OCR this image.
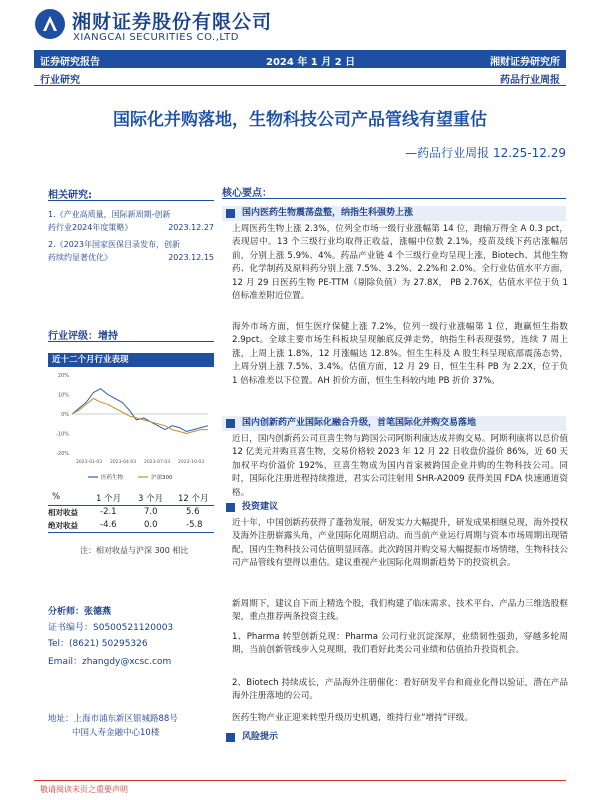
湘财证券股份有限公司
XIANGCAI SECURITIES CO.,LTD
证券研究报告	2024 年 1 月 2 日	湘财证券研究所
行业研究	药品行业周报
国际化并购落地，生物科技公司产品管线有望重估
—药品行业周报 12.25-12.29
相关研究:
1.《产业高质量，国际新周期-创新
药行业2024年度策略》	2023.12.27
2.《2023年国家医保目录发布，创新
药续约显著优化》	2023.12.15
行业评级：增持
近十二个月行业表现
20%
10%
0%
-10%
-20%
2023-01-03 2023-04-03 2023-07-03 2023-10-03
医药生物	沪深300
%	1 个月 3 个月 12 个月
相对收益	-2.1	7.0	5.6
绝对收益	-4.6	0.0	-5.8
注：相对收益与沪深 300 相比
分析师：张德燕
证书编号：S0500521120003
Tel：(8621) 50295326
Email：zhangdy@xcsc.com
地址：上海市浦东新区银城路88号
中国人寿金融中心10楼
核心要点：
国内医药生物震荡盘整，纳指生科强势上涨
上周医药生物上涨 2.3%，位列全市场一级行业涨幅第 14 位，跑输万得全 A 0.3 pct，表现居中。13 个三级行业均取得正收益，涨幅中位数 2.1%，疫苗及线下药店涨幅居前，分别上涨 5.9%、4%。药品产业链 4 个三级行业均呈现上涨，Biotech、其他生物药、化学制药及原料药分别上涨 7.5%、3.2%、2.2%和 2.0%。全行业估值水平方面，12 月 29 日医药生物 PE-TTM（剔除负值）为 27.8X， PB 2.76X，估值水平位于负 1 倍标准差附近位置。
海外市场方面，恒生医疗保健上涨 7.2%，位列一级行业涨幅第 1 位，跑赢恒生指数 2.9pct。全球主要市场生科板块呈现触底反弹走势，纳指生科表现强势，连续 7 周上涨，上周上涨 1.8%，12 月涨幅达 12.8%。恒生生科及 A 股生科呈现底部震荡态势，上周分别上涨 7.5%、3.4%。估值方面，12 月 29 日，恒生生科 PB 为 2.2X，位于负 1 倍标准差以下位置。AH 折价方面，恒生生科较内地 PB 折价 37%。
国内创新药产业国际化融合升级，首笔国际化并购交易落地
近日，国内创新药公司亘喜生物与跨国公司阿斯利康达成并购交易。阿斯利康将以总价值 12 亿美元并购亘喜生物，交易价格较 2023 年 12 月 22 日收盘价溢价 86%，近 60 天加权平均价溢价 192%，亘喜生物成为国内首家被跨国企业并购的生物科技公司。同时，国际化注册进程持续推进，君实公司注射用 SHR-A2009 获得美国 FDA 快速通道资格。
投资建议
近十年，中国创新药获得了蓬勃发展，研发实力大幅提升，研发成果相继兑现，海外授权及海外注册崭露头角，产业国际化周期启动。而当前产业运行周期与资本市场周期出现错配，国内生物科技公司估值明显回落。此次跨国并购交易大幅提振市场情绪，生物科技公司产品管线有望得以重估。建议重视产业国际化周期新趋势下的投资机会。
新周期下，建议自下而上精选个股，我们构建了临床需求、技术平台、产品力三维选股框架，重点推荐两条投资主线。
1、Pharma 转型创新兑现：Pharma 公司行业沉淀深厚，业绩韧性强劲，穿越多轮周期，当前创新管线步入兑现期，我们看好此类公司业绩和估值抬升投资机会。
2、Biotech 持续成长，产品海外注册催化：看好研发平台和商业化得以验证，潜在产品海外注册落地的公司。
医药生物产业正迎来转型升级历史机遇，维持行业“增持”评级。
风险提示
敬请阅读末页之重要声明
